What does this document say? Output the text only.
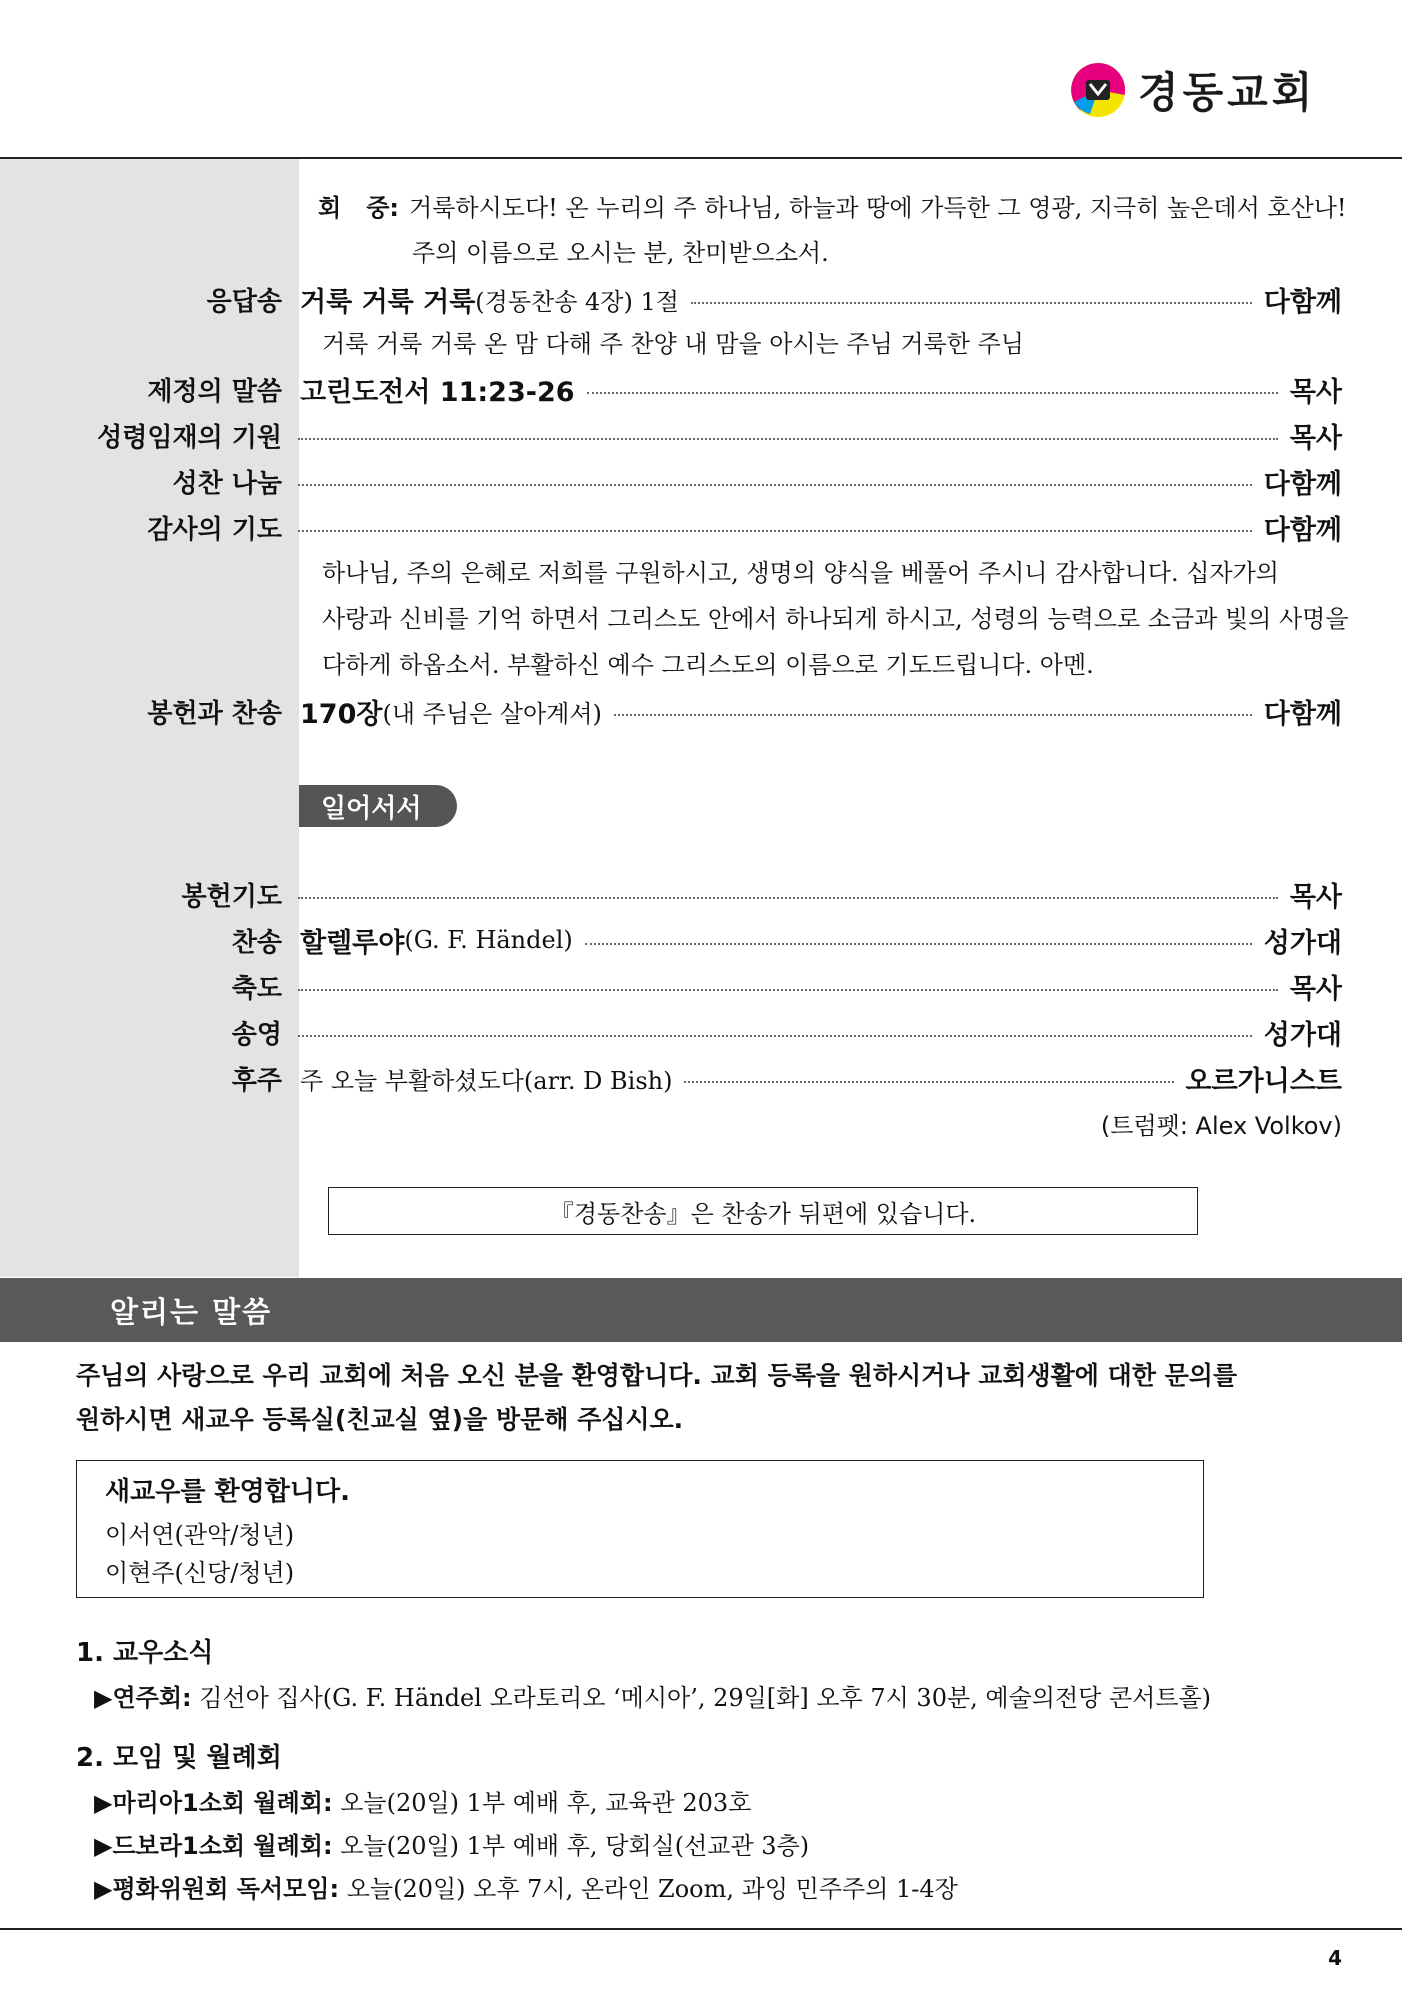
경동교회
회   중: 거룩하시도다! 온 누리의 주 하나님, 하늘과 땅에 가득한 그 영광, 지극히 높은데서 호산나!
주의 이름으로 오시는 분, 찬미받으소서.
응답송 거룩 거룩 거룩 (경동찬송 4장) 1절	다함께
거룩 거룩 거룩 온 맘 다해 주 찬양 내 맘을 아시는 주님 거룩한 주님
제정의 말씀 고린도전서 11:23-26	목사
성령임재의 기원	목사
성찬 나눔	다함께
감사의 기도	다함께
하나님, 주의 은혜로 저희를 구원하시고, 생명의 양식을 베풀어 주시니 감사합니다. 십자가의
사랑과 신비를 기억 하면서 그리스도 안에서 하나되게 하시고, 성령의 능력으로 소금과 빛의 사명을
다하게 하옵소서. 부활하신 예수 그리스도의 이름으로 기도드립니다. 아멘.
봉헌과 찬송 170장 (내 주님은 살아계셔)	다함께
일어서서
봉헌기도	목사
찬송 할렐루야 (G. F. Händel)	성가대
축도	목사
송영	성가대
후주 주 오늘 부활하셨도다(arr. D Bish)	오르가니스트
(트럼펫: Alex Volkov)
『경동찬송』은 찬송가 뒤편에 있습니다.
알리는 말씀
주님의 사랑으로 우리 교회에 처음 오신 분을 환영합니다. 교회 등록을 원하시거나 교회생활에 대한 문의를
원하시면 새교우 등록실(친교실 옆)을 방문해 주십시오.
새교우를 환영합니다.
이서연(관악/청년)
이현주(신당/청년)
1. 교우소식
▶연주회: 김선아 집사(G. F. Händel 오라토리오 ‘메시아’, 29일[화] 오후 7시 30분, 예술의전당 콘서트홀)
2. 모임 및 월례회
▶마리아1소회 월례회: 오늘(20일) 1부 예배 후, 교육관 203호
▶드보라1소회 월례회: 오늘(20일) 1부 예배 후, 당회실(선교관 3층)
▶평화위원회 독서모임: 오늘(20일) 오후 7시, 온라인 Zoom, 과잉 민주주의 1-4장
4
